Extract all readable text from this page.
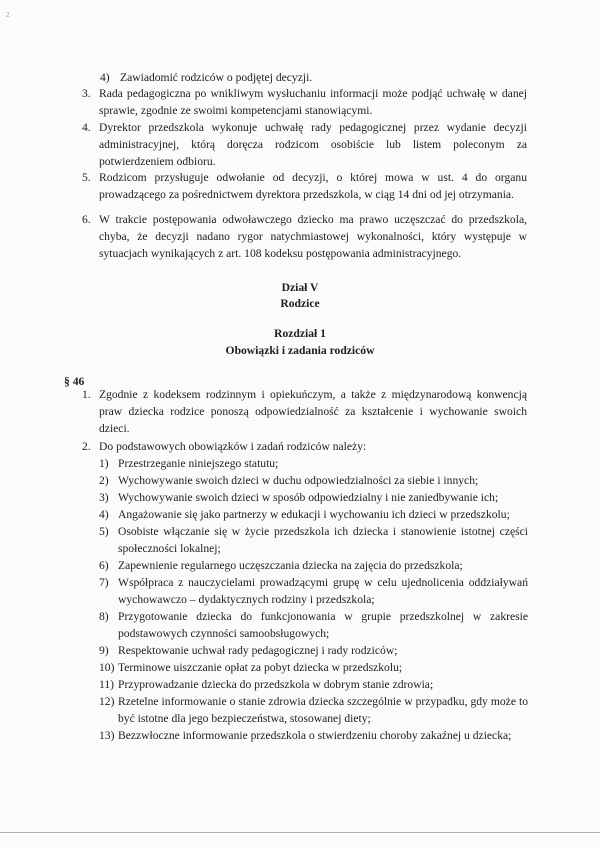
2
4) Zawiadomić rodziców o podjętej decyzji.
3. Rada pedagogiczna po wnikliwym wysłuchaniu informacji może podjąć uchwałę w danej sprawie, zgodnie ze swoimi kompetencjami stanowiącymi.
4. Dyrektor przedszkola wykonuje uchwałę rady pedagogicznej przez wydanie decyzji administracyjnej, którą doręcza rodzicom osobiście lub listem poleconym za potwierdzeniem odbioru.
5. Rodzicom przysługuje odwołanie od decyzji, o której mowa w ust. 4 do organu prowadzącego za pośrednictwem dyrektora przedszkola, w ciąg 14 dni od jej otrzymania.
6. W trakcie postępowania odwoławczego dziecko ma prawo uczęszczać do przedszkola, chyba, że decyzji nadano rygor natychmiastowej wykonalności, który występuje w sytuacjach wynikających z art. 108 kodeksu postępowania administracyjnego.
Dział V
Rodzice
Rozdział 1
Obowiązki i zadania rodziców
§ 46
1. Zgodnie z kodeksem rodzinnym i opiekuńczym, a także z międzynarodową konwencją praw dziecka rodzice ponoszą odpowiedzialność za kształcenie i wychowanie swoich dzieci.
2. Do podstawowych obowiązków i zadań rodziców należy:
1) Przestrzeganie niniejszego statutu;
2) Wychowywanie swoich dzieci w duchu odpowiedzialności za siebie i innych;
3) Wychowywanie swoich dzieci w sposób odpowiedzialny i nie zaniedbywanie ich;
4) Angażowanie się jako partnerzy w edukacji i wychowaniu ich dzieci w przedszkolu;
5) Osobiste włączanie się w życie przedszkola ich dziecka i stanowienie istotnej części społeczności lokalnej;
6) Zapewnienie regularnego uczęszczania dziecka na zajęcia do przedszkola;
7) Współpraca z nauczycielami prowadzącymi grupę w celu ujednolicenia oddziaływań wychowawczo – dydaktycznych rodziny i przedszkola;
8) Przygotowanie dziecka do funkcjonowania w grupie przedszkolnej w zakresie podstawowych czynności samoobsługowych;
9) Respektowanie uchwał rady pedagogicznej i rady rodziców;
10) Terminowe uiszczanie opłat za pobyt dziecka w przedszkolu;
11) Przyprowadzanie dziecka do przedszkola w dobrym stanie zdrowia;
12) Rzetelne informowanie o stanie zdrowia dziecka szczególnie w przypadku, gdy może to być istotne dla jego bezpieczeństwa, stosowanej diety;
13) Bezzwłoczne informowanie przedszkola o stwierdzeniu choroby zakaźnej u dziecka;
